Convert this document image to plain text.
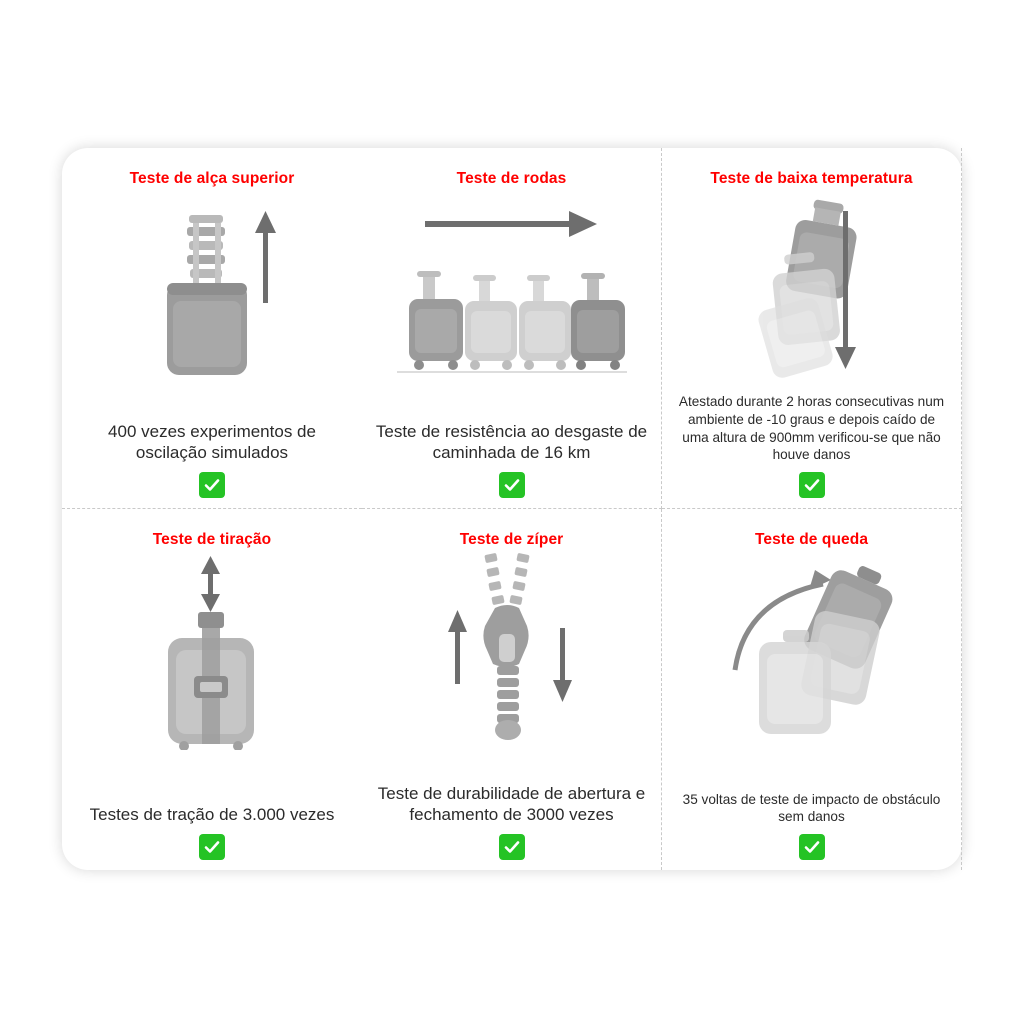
Teste de alça superior
400 vezes experimentos de oscilação simulados
Teste de rodas
Teste de resistência ao desgaste de caminhada de 16 km
Teste de baixa temperatura
Atestado durante 2 horas consecutivas num ambiente de -10 graus e depois caído de uma altura de 900mm verificou-se que não houve danos
Teste de tiração
Testes de tração de 3.000 vezes
Teste de zíper
Teste de durabilidade de abertura e fechamento de 3000 vezes
Teste de queda
35 voltas de teste de impacto de obstáculo sem danos
